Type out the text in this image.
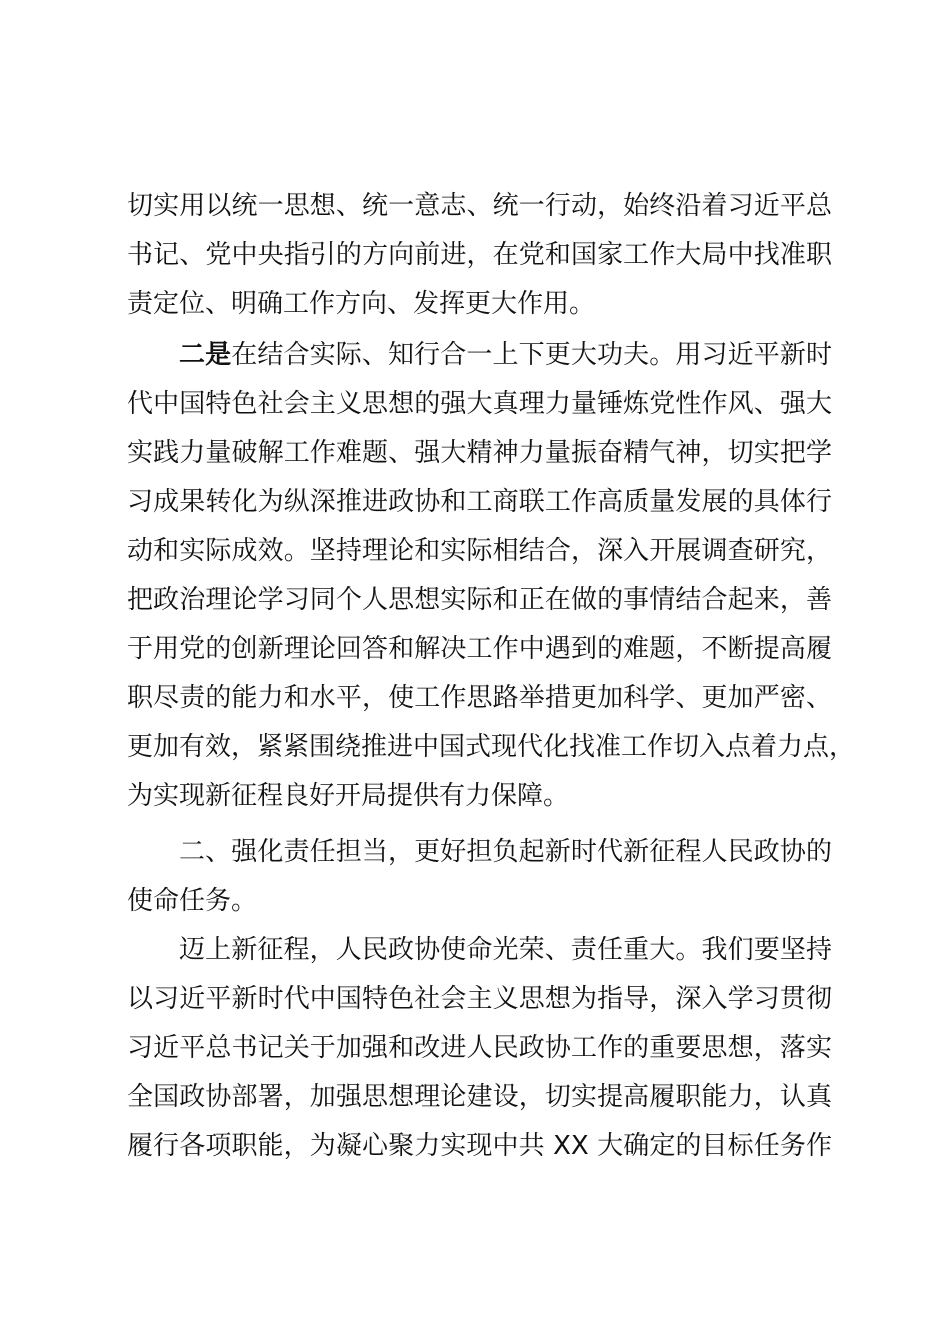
切实用以统一思想、统一意志、统一行动，始终沿着习近平总
书记、党中央指引的方向前进，在党和国家工作大局中找准职
责定位、明确工作方向、发挥更大作用。
二是在结合实际、知行合一上下更大功夫。用习近平新时
代中国特色社会主义思想的强大真理力量锤炼党性作风、强大
实践力量破解工作难题、强大精神力量振奋精气神，切实把学
习成果转化为纵深推进政协和工商联工作高质量发展的具体行
动和实际成效。坚持理论和实际相结合，深入开展调查研究，
把政治理论学习同个人思想实际和正在做的事情结合起来，善
于用党的创新理论回答和解决工作中遇到的难题，不断提高履
职尽责的能力和水平，使工作思路举措更加科学、更加严密、
更加有效，紧紧围绕推进中国式现代化找准工作切入点着力点，
为实现新征程良好开局提供有力保障。
二、强化责任担当，更好担负起新时代新征程人民政协的
使命任务。
迈上新征程，人民政协使命光荣、责任重大。我们要坚持
以习近平新时代中国特色社会主义思想为指导，深入学习贯彻
习近平总书记关于加强和改进人民政协工作的重要思想，落实
全国政协部署，加强思想理论建设，切实提高履职能力，认真
履行各项职能，为凝心聚力实现中共 XX 大确定的目标任务作
